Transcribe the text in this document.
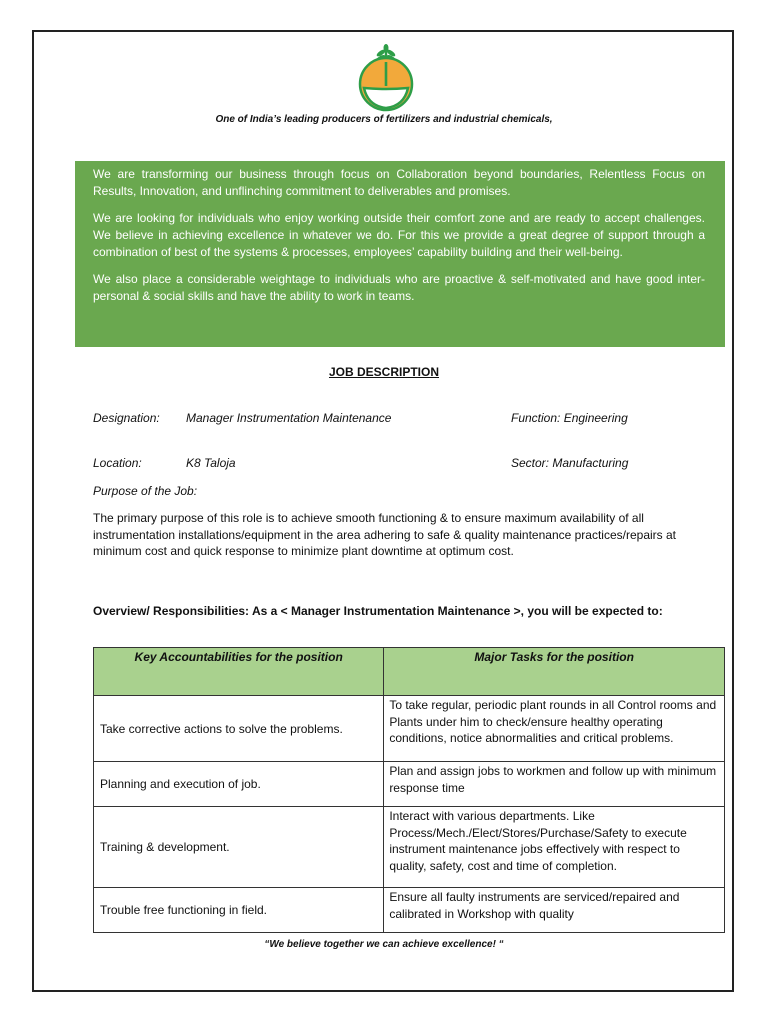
One of India’s leading producers of fertilizers and industrial chemicals,

We are transforming our business through focus on Collaboration beyond boundaries, Relentless Focus on Results, Innovation, and unflinching commitment to deliverables and promises.

We are looking for individuals who enjoy working outside their comfort zone and are ready to accept challenges. We believe in achieving excellence in whatever we do. For this we provide a great degree of support through a combination of best of the systems & processes, employees’ capability building and their well-being.

We also place a considerable weightage to individuals who are proactive & self-motivated and have good inter-personal & social skills and have the ability to work in teams.

JOB DESCRIPTION
Designation: Manager Instrumentation Maintenance	Function: Engineering
Location:	K8 Taloja	Sector: Manufacturing
Purpose of the Job:
The primary purpose of this role is to achieve smooth functioning & to ensure maximum availability of all instrumentation installations/equipment in the area adhering to safe & quality maintenance practices/repairs at minimum cost and quick response to minimize plant downtime at optimum cost.
Overview/ Responsibilities: As a < Manager Instrumentation Maintenance >, you will be expected to:
Key Accountabilities for the position	Major Tasks for the position
Take corrective actions to solve the problems.	To take regular, periodic plant rounds in all Control rooms and Plants under him to check/ensure healthy operating conditions, notice abnormalities and critical problems.
Planning and execution of job.	Plan and assign jobs to workmen and follow up with minimum response time
Training & development.	Interact with various departments. Like Process/Mech./Elect/Stores/Purchase/Safety to execute instrument maintenance jobs effectively with respect to quality, safety, cost and time of completion.
Trouble free functioning in field.	Ensure all faulty instruments are serviced/repaired and calibrated in Workshop with quality
“We believe together we can achieve excellence! “
